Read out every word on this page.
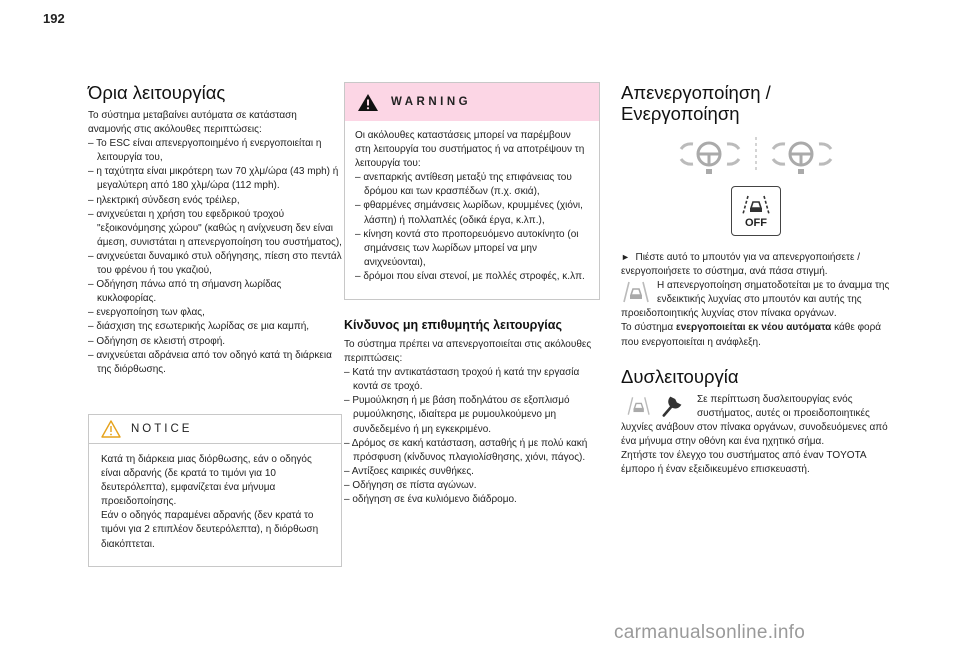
192
Όρια λειτουργίας

Το σύστημα μεταβαίνει αυτόματα σε κατάσταση αναμονής στις ακόλουθες περιπτώσεις:

– Το ESC είναι απενεργοποιημένο ή ενεργοποιείται η λειτουργία του,
– η ταχύτητα είναι μικρότερη των 70 χλμ/ώρα (43 mph) ή μεγαλύτερη από 180 χλμ/ώρα (112 mph).
– ηλεκτρική σύνδεση ενός τρέιλερ,
– ανιχνεύεται η χρήση του εφεδρικού τροχού "εξοικονόμησης χώρου" (καθώς η ανίχνευση δεν είναι άμεση, συνιστάται η απενεργοποίηση του συστήματος),
– ανιχνεύεται δυναμικό στυλ οδήγησης, πίεση στο πεντάλ του φρένου ή του γκαζιού,
– Οδήγηση πάνω από τη σήμανση λωρίδας κυκλοφορίας.
– ενεργοποίηση των φλας,
– διάσχιση της εσωτερικής λωρίδας σε μια καμπή,
– Οδήγηση σε κλειστή στροφή.
– ανιχνεύεται αδράνεια από τον οδηγό κατά τη διάρκεια της διόρθωσης.
NOTICE

Κατά τη διάρκεια μιας διόρθωσης, εάν ο οδηγός είναι αδρανής (δε κρατά το τιμόνι για 10 δευτερόλεπτα), εμφανίζεται ένα μήνυμα προειδοποίησης.

Εάν ο οδηγός παραμένει αδρανής (δεν κρατά το τιμόνι για 2 επιπλέον δευτερόλεπτα), η διόρθωση διακόπτεται.

WARNING

Οι ακόλουθες καταστάσεις μπορεί να παρέμβουν στη λειτουργία του συστήματος ή να αποτρέψουν τη λειτουργία του:

– ανεπαρκής αντίθεση μεταξύ της επιφάνειας του δρόμου και των κρασπέδων (π.χ. σκιά),
– φθαρμένες σημάνσεις λωρίδων, κρυμμένες (χιόνι, λάσπη) ή πολλαπλές (οδικά έργα, κ.λπ.),
– κίνηση κοντά στο προπορευόμενο αυτοκίνητο (οι σημάνσεις των λωρίδων μπορεί να μην ανιχνεύονται),
– δρόμοι που είναι στενοί, με πολλές στροφές, κ.λπ.
Κίνδυνος μη επιθυμητής λειτουργίας

Το σύστημα πρέπει να απενεργοποιείται στις ακόλουθες περιπτώσεις:

– Κατά την αντικατάσταση τροχού ή κατά την εργασία κοντά σε τροχό.
– Ρυμούλκηση ή με βάση ποδηλάτου σε εξοπλισμό ρυμούλκησης, ιδιαίτερα με ρυμουλκούμενο μη συνδεδεμένο ή μη εγκεκριμένο.
– Δρόμος σε κακή κατάσταση, ασταθής ή με πολύ κακή πρόσφυση (κίνδυνος πλαγιολίσθησης, χιόνι, πάγος).
– Αντίξοες καιρικές συνθήκες.
– Οδήγηση σε πίστα αγώνων.
– οδήγηση σε ένα κυλιόμενο διάδρομο.
Απενεργοποίηση /
Ενεργοποίηση
OFF

► Πιέστε αυτό το μπουτόν για να απενεργοποιήσετε / ενεργοποιήσετε το σύστημα, ανά πάσα στιγμή.

Η απενεργοποίηση σηματοδοτείται με το άναμμα της ενδεικτικής λυχνίας στο μπουτόν και αυτής της προειδοποιητικής λυχνίας στον πίνακα οργάνων.

Το σύστημα ενεργοποιείται εκ νέου αυτόματα κάθε φορά που ενεργοποιείται η ανάφλεξη.

Δυσλειτουργία

Σε περίπτωση δυσλειτουργίας ενός συστήματος, αυτές οι προειδοποιητικές λυχνίες ανάβουν στον πίνακα οργάνων, συνοδευόμενες από ένα μήνυμα στην οθόνη και ένα ηχητικό σήμα.

Ζητήστε τον έλεγχο του συστήματος από έναν TOYOTA έμπορο ή έναν εξειδικευμένο επισκευαστή.

carmanualsonline.info
